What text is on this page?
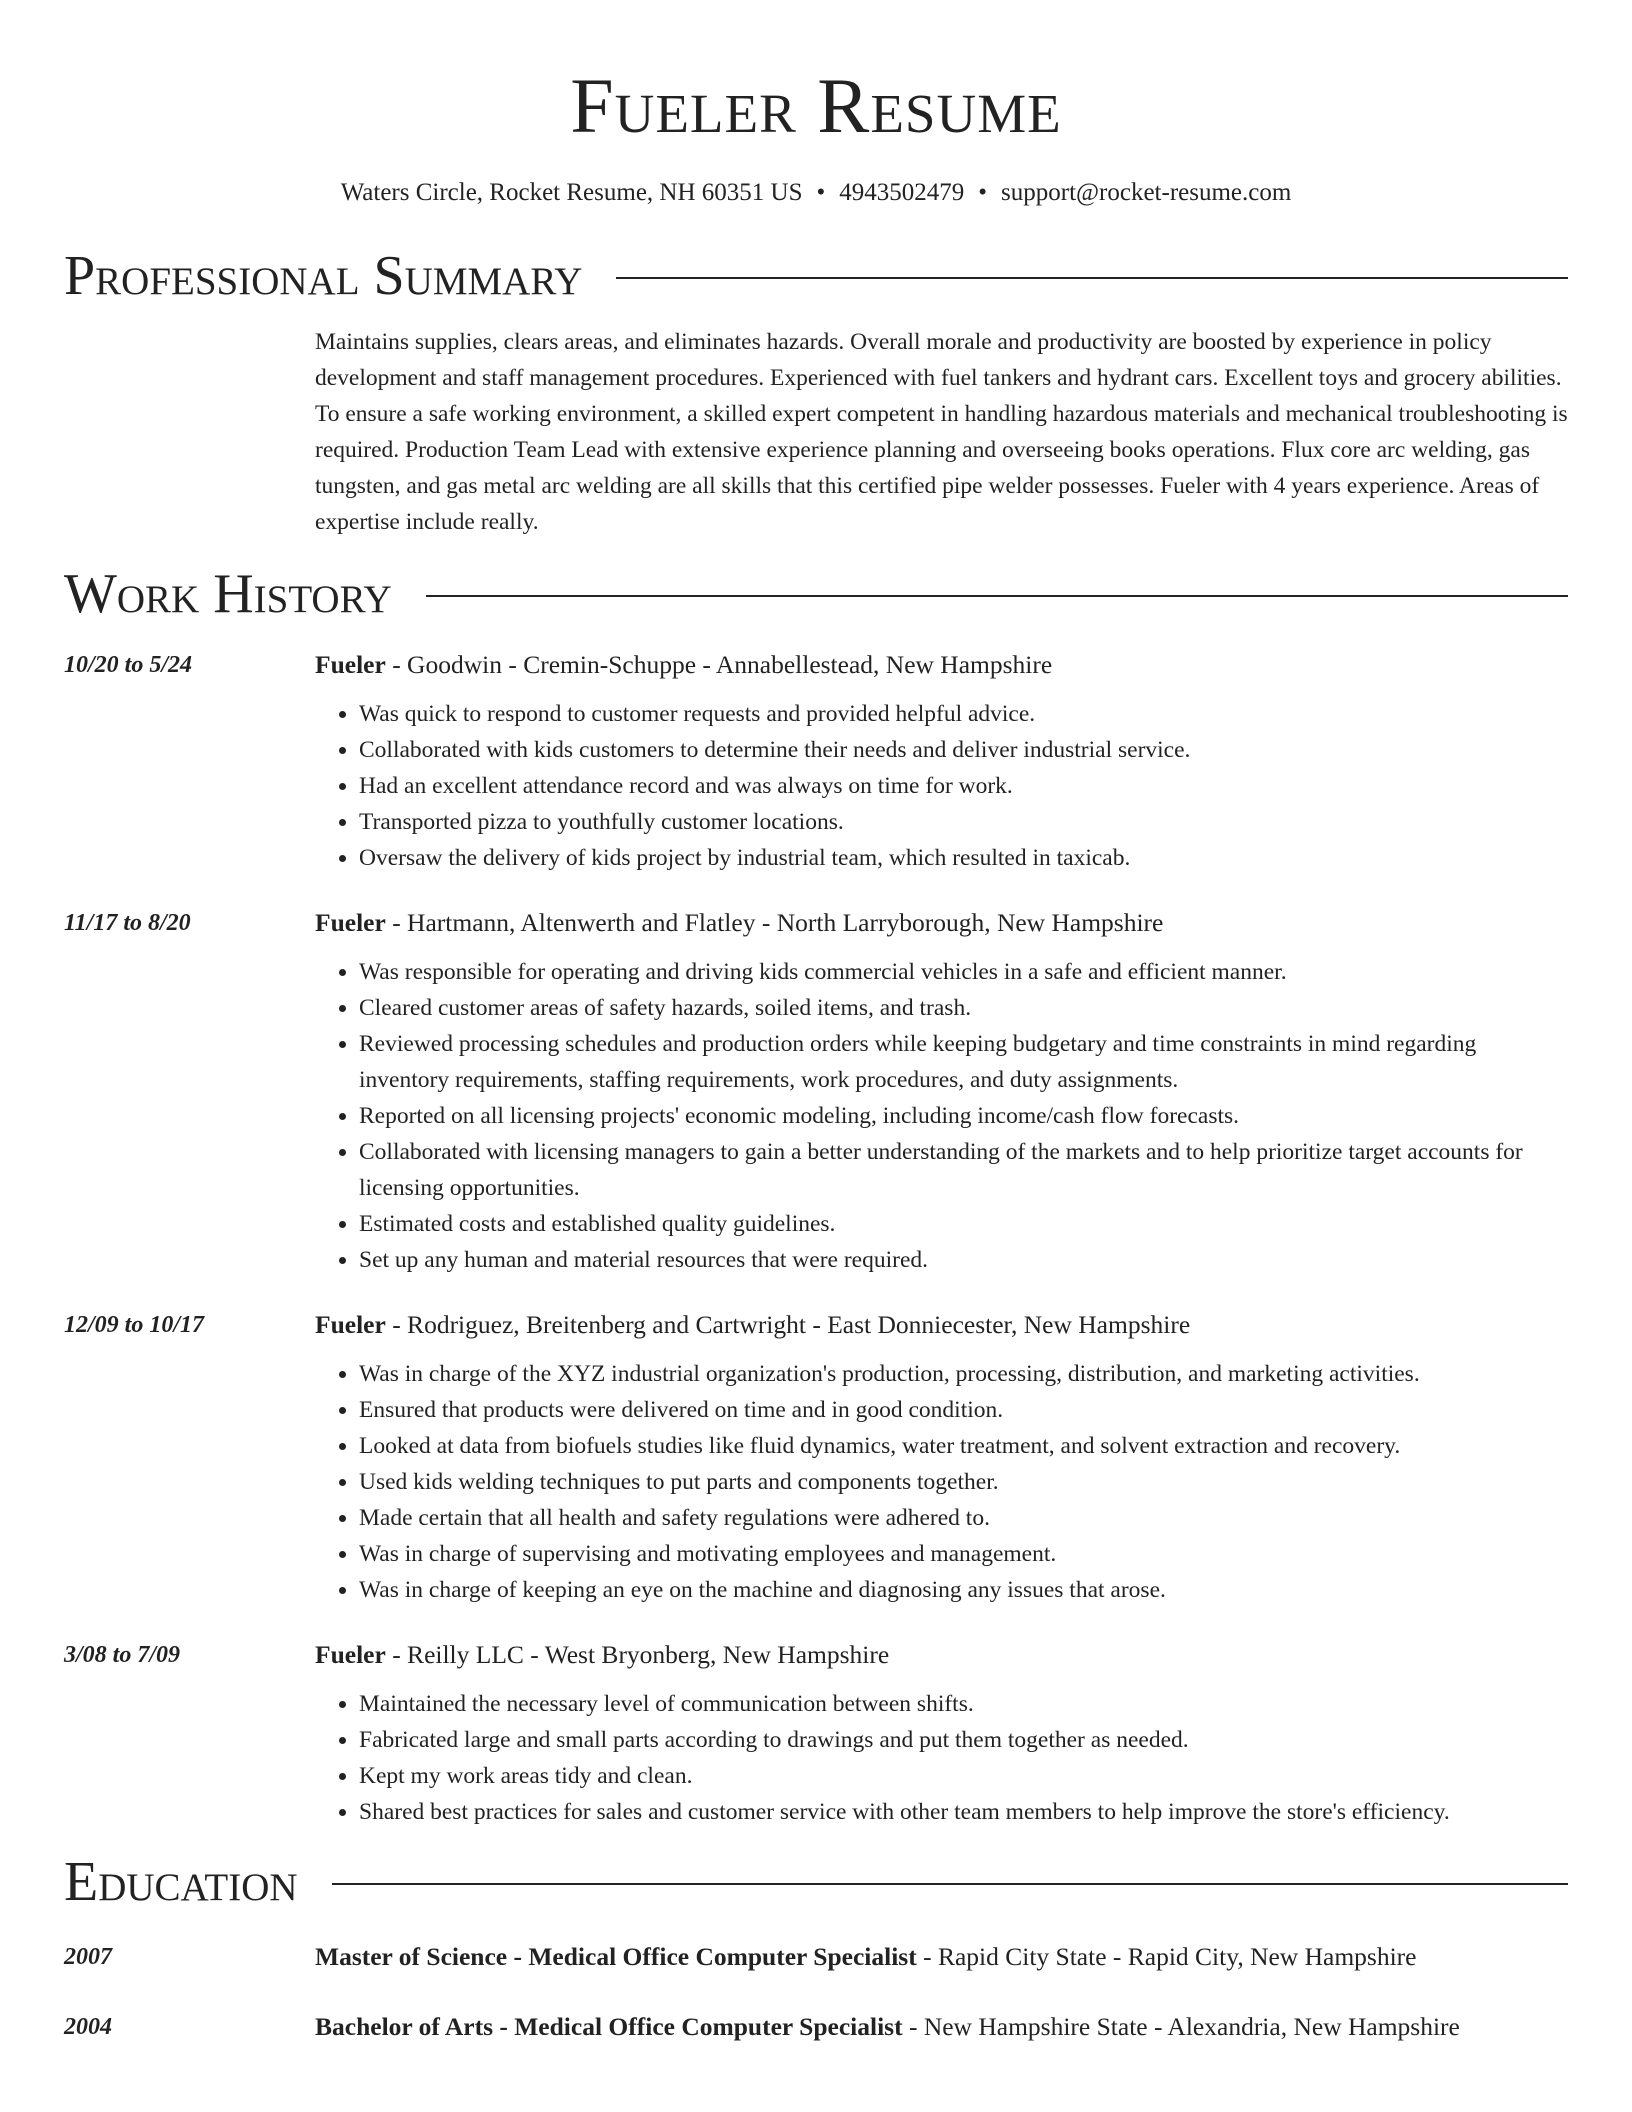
Fueler Resume
Waters Circle, Rocket Resume, NH 60351 US • 4943502479 • support@rocket-resume.com
Professional Summary
Maintains supplies, clears areas, and eliminates hazards. Overall morale and productivity are boosted by experience in policy development and staff management procedures. Experienced with fuel tankers and hydrant cars. Excellent toys and grocery abilities. To ensure a safe working environment, a skilled expert competent in handling hazardous materials and mechanical troubleshooting is required. Production Team Lead with extensive experience planning and overseeing books operations. Flux core arc welding, gas tungsten, and gas metal arc welding are all skills that this certified pipe welder possesses. Fueler with 4 years experience. Areas of expertise include really.
Work History
10/20 to 5/24	Fueler - Goodwin - Cremin-Schuppe - Annabellestead, New Hampshire
• Was quick to respond to customer requests and provided helpful advice.
• Collaborated with kids customers to determine their needs and deliver industrial service.
• Had an excellent attendance record and was always on time for work.
• Transported pizza to youthfully customer locations.
• Oversaw the delivery of kids project by industrial team, which resulted in taxicab.
11/17 to 8/20	Fueler - Hartmann, Altenwerth and Flatley - North Larryborough, New Hampshire
• Was responsible for operating and driving kids commercial vehicles in a safe and efficient manner.
• Cleared customer areas of safety hazards, soiled items, and trash.
• Reviewed processing schedules and production orders while keeping budgetary and time constraints in mind regarding inventory requirements, staffing requirements, work procedures, and duty assignments.
• Reported on all licensing projects' economic modeling, including income/cash flow forecasts.
• Collaborated with licensing managers to gain a better understanding of the markets and to help prioritize target accounts for licensing opportunities.
• Estimated costs and established quality guidelines.
• Set up any human and material resources that were required.
12/09 to 10/17	Fueler - Rodriguez, Breitenberg and Cartwright - East Donniecester, New Hampshire
• Was in charge of the XYZ industrial organization's production, processing, distribution, and marketing activities.
• Ensured that products were delivered on time and in good condition.
• Looked at data from biofuels studies like fluid dynamics, water treatment, and solvent extraction and recovery.
• Used kids welding techniques to put parts and components together.
• Made certain that all health and safety regulations were adhered to.
• Was in charge of supervising and motivating employees and management.
• Was in charge of keeping an eye on the machine and diagnosing any issues that arose.
3/08 to 7/09	Fueler - Reilly LLC - West Bryonberg, New Hampshire
• Maintained the necessary level of communication between shifts.
• Fabricated large and small parts according to drawings and put them together as needed.
• Kept my work areas tidy and clean.
• Shared best practices for sales and customer service with other team members to help improve the store's efficiency.
Education
2007	Master of Science - Medical Office Computer Specialist - Rapid City State - Rapid City, New Hampshire
2004	Bachelor of Arts - Medical Office Computer Specialist - New Hampshire State - Alexandria, New Hampshire
